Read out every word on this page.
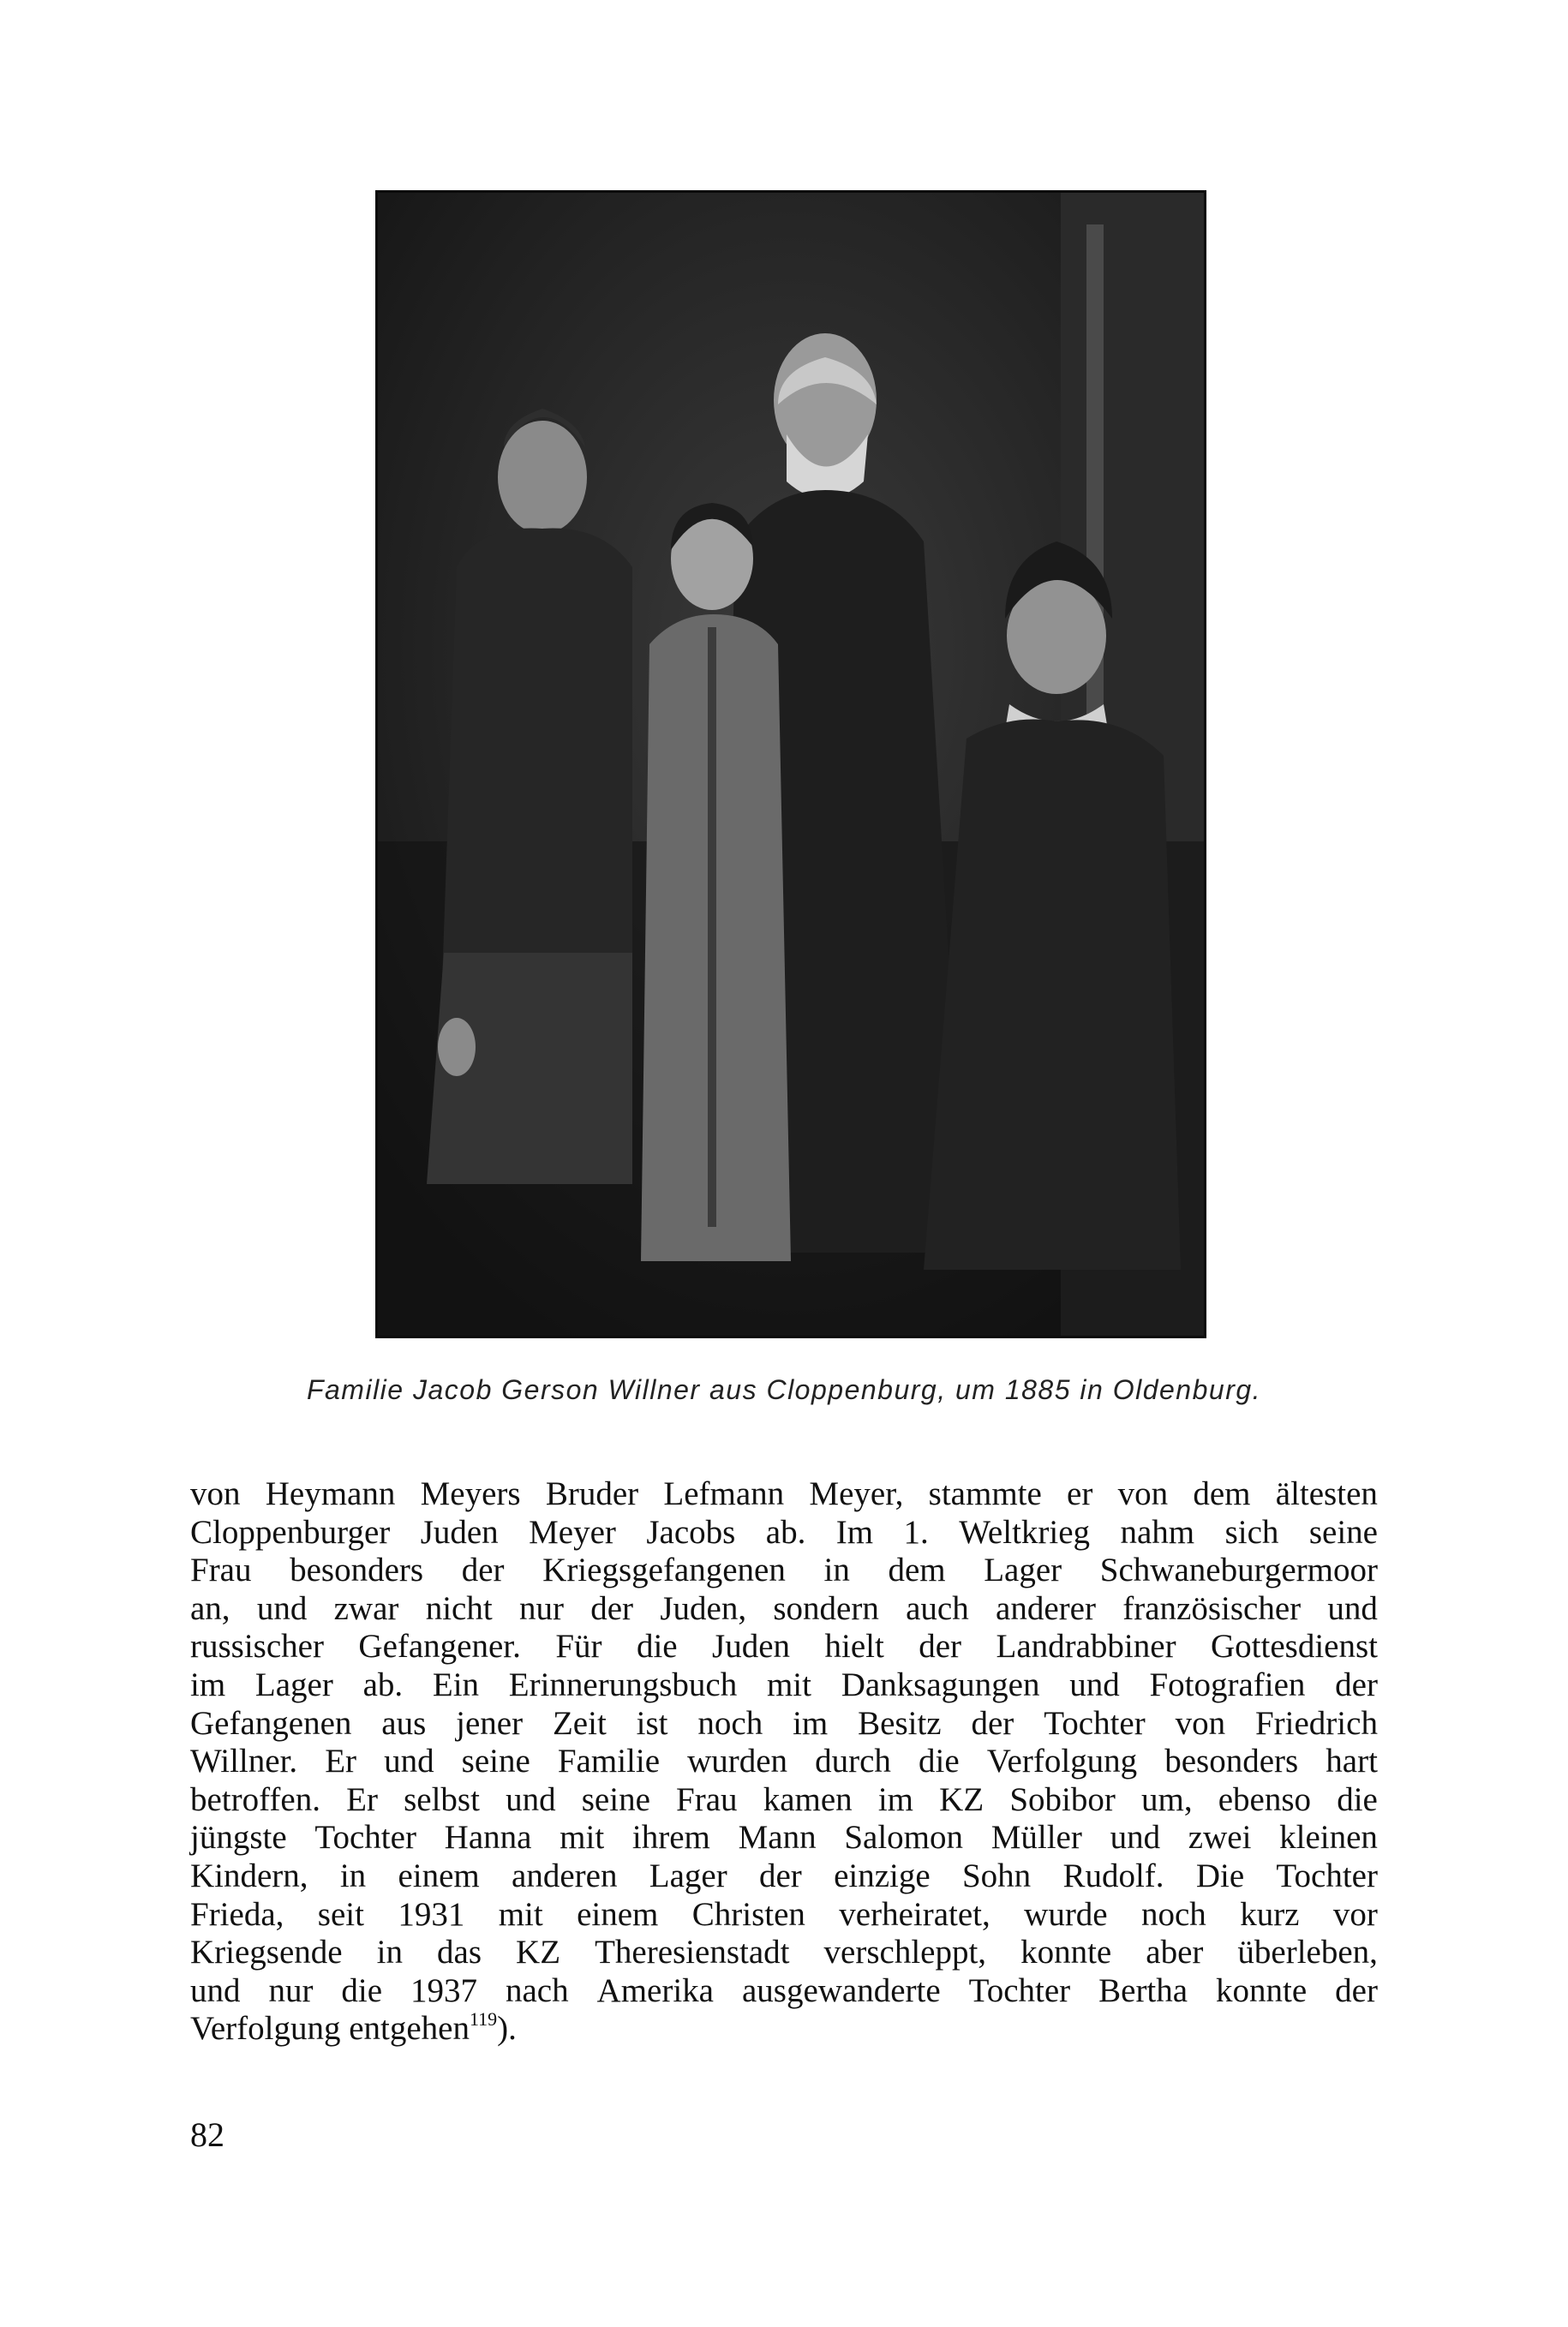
Familie Jacob Gerson Willner aus Cloppenburg, um 1885 in Oldenburg.
von Heymann Meyers Bruder Lefmann Meyer, stammte er von dem ältesten
Cloppenburger Juden Meyer Jacobs ab. Im 1. Weltkrieg nahm sich seine
Frau besonders der Kriegsgefangenen in dem Lager Schwaneburgermoor
an, und zwar nicht nur der Juden, sondern auch anderer französischer und
russischer Gefangener. Für die Juden hielt der Landrabbiner Gottesdienst
im Lager ab. Ein Erinnerungsbuch mit Danksagungen und Fotografien der
Gefangenen aus jener Zeit ist noch im Besitz der Tochter von Friedrich
Willner. Er und seine Familie wurden durch die Verfolgung besonders hart
betroffen. Er selbst und seine Frau kamen im KZ Sobibor um, ebenso die
jüngste Tochter Hanna mit ihrem Mann Salomon Müller und zwei kleinen
Kindern, in einem anderen Lager der einzige Sohn Rudolf. Die Tochter
Frieda, seit 1931 mit einem Christen verheiratet, wurde noch kurz vor
Kriegsende in das KZ Theresienstadt verschleppt, konnte aber überleben,
und nur die 1937 nach Amerika ausgewanderte Tochter Bertha konnte der
Verfolgung entgehen$^{119}$).
82
